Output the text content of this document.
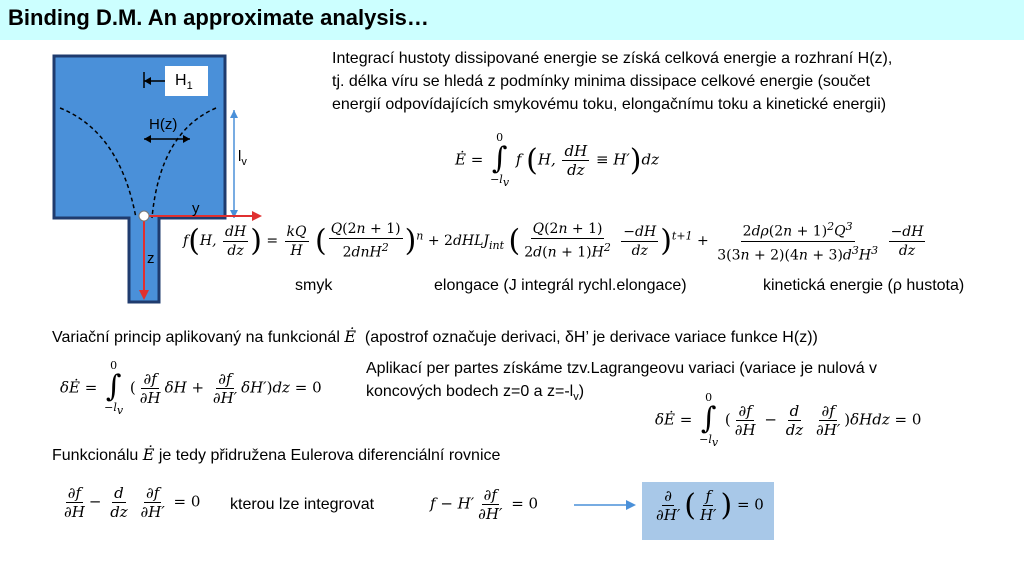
Binding D.M. An approximate analysis…
$H_1$
H(z)
$l_v$
y
z
Integrací hustoty dissipované energie se získá celková energie a rozhraní H(z),
tj. délka víru se hledá z podmínky minima dissipace celkové energie (součet
energií odpovídajících smykovému toku, elongačnímu toku a kinetické energii)
Ė =
0
∫
$-l_v$
f (H, $\frac{dH}{dz} \equiv H')dz$
f(H, $\frac{dH}{dz}$ ) = $\frac{kQ}{H}$ ( $\frac{Q(2n + 1)}{2dnH^2} )^n$ + 2dHLJ$_{int}$ ( $\frac{Q(2n + 1)}{2d(n + 1)H^2}$
$\frac{-dH}{dz} )^{t+1} + \frac{2d\rho(2n + 1)^2Q^3}{3(3n + 2)(4n + 3)d^3H^3}$
$\frac{-dH}{dz}$
smyk	elongace (J integrál rychl.elongace)	kinetická energie (ρ hustota)
Variační princip aplikovaný na funkcionál Ė (apostrof označuje derivaci, δH’ je derivace variace funkce H(z))
δĖ =
0
∫
$-l_v$
( $\frac{\partial f}{\partial H}$ $\delta H + \frac{\partial f}{\partial H'} \delta H')dz = 0$
Aplikací per partes získáme tzv.Lagrangeovu variaci (variace je nulová v
koncových bodech z=0 a $z=-l_v$)
δĖ =
0
∫
$-l_v$
( $\frac{\partial f}{\partial H} - \frac{d}{dz}$
$\frac{\partial f}{\partial H'} )\delta Hdz = 0$
Funkcionálu Ė je tedy přidružena Eulerova diferenciální rovnice
$\frac{\partial f}{\partial H} - \frac{d}{dz}$
$\frac{\partial f}{\partial H'} = 0$ kterou lze integrovat	$f - H' \frac{\partial f}{\partial H'} = 0$	$\frac{\partial}{\partial H'}$ ( $\frac{f}{H'}$ ) = 0
